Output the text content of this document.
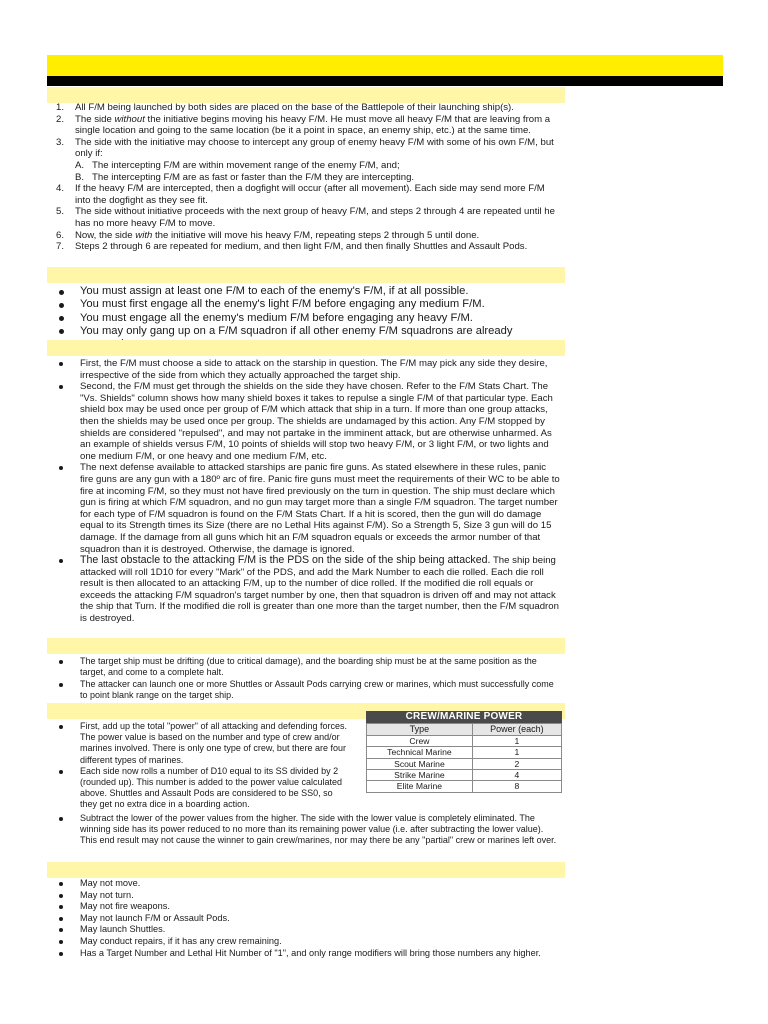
1. All F/M being launched by both sides are placed on the base of the Battlepole of their launching ship(s).
2. The side without the initiative begins moving his heavy F/M. He must move all heavy F/M that are leaving from a single location and going to the same location (be it a point in space, an enemy ship, etc.) at the same time.
3. The side with the initiative may choose to intercept any group of enemy heavy F/M with some of his own F/M, but only if:
A. The intercepting F/M are within movement range of the enemy F/M, and;
B. The intercepting F/M are as fast or faster than the F/M they are intercepting.
4. If the heavy F/M are intercepted, then a dogfight will occur (after all movement). Each side may send more F/M into the dogfight as they see fit.
5. The side without initiative proceeds with the next group of heavy F/M, and steps 2 through 4 are repeated until he has no more heavy F/M to move.
6. Now, the side with the initiative will move his heavy F/M, repeating steps 2 through 5 until done.
7. Steps 2 through 6 are repeated for medium, and then light F/M, and then finally Shuttles and Assault Pods.
You must assign at least one F/M to each of the enemy's F/M, if at all possible.
You must first engage all the enemy's light F/M before engaging any medium F/M.
You must engage all the enemy's medium F/M before engaging any heavy F/M.
You may only gang up on a F/M squadron if all other enemy F/M squadrons are already
First, the F/M must choose a side to attack on the starship in question. The F/M may pick any side they desire, irrespective of the side from which they actually approached the target ship.
Second, the F/M must get through the shields on the side they have chosen. Refer to the F/M Stats Chart. The "Vs. Shields" column shows how many shield boxes it takes to repulse a single F/M of that particular type. Each shield box may be used once per group of F/M which attack that ship in a turn. If more than one group attacks, then the shields may be used once per group. The shields are undamaged by this action. Any F/M stopped by shields are considered "repulsed", and may not partake in the imminent attack, but are otherwise unharmed. As an example of shields versus F/M, 10 points of shields will stop two heavy F/M, or 3 light F/M, or two lights and one medium F/M, or one heavy and one medium F/M, etc.
The next defense available to attacked starships are panic fire guns. As stated elsewhere in these rules, panic fire guns are any gun with a 180º arc of fire. Panic fire guns must meet the requirements of their WC to be able to fire at incoming F/M, so they must not have fired previously on the turn in question. The ship must declare which gun is firing at which F/M squadron, and no gun may target more than a single F/M squadron. The target number for each type of F/M squadron is found on the F/M Stats Chart. If a hit is scored, then the gun will do damage equal to its Strength times its Size (there are no Lethal Hits against F/M). So a Strength 5, Size 3 gun will do 15 damage. If the damage from all guns which hit an F/M squadron equals or exceeds the armor number of that squadron than it is destroyed. Otherwise, the damage is ignored.
The last obstacle to the attacking F/M is the PDS on the side of the ship being attacked. The ship being attacked will roll 1D10 for every "Mark" of the PDS, and add the Mark Number to each die rolled. Each die roll result is then allocated to an attacking F/M, up to the number of dice rolled. If the modified die roll equals or exceeds the attacking F/M squadron's target number by one, then that squadron is driven off and may not attack the ship that Turn. If the modified die roll is greater than one more than the target number, then the F/M squadron is destroyed.
The target ship must be drifting (due to critical damage), and the boarding ship must be at the same position as the target, and come to a complete halt.
The attacker can launch one or more Shuttles or Assault Pods carrying crew or marines, which must successfully come to point blank range on the target ship.
First, add up the total "power" of all attacking and defending forces. The power value is based on the number and type of crew and/or marines involved. There is only one type of crew, but there are four different types of marines.
Each side now rolls a number of D10 equal to its SS divided by 2 (rounded up). This number is added to the power value calculated above. Shuttles and Assault Pods are considered to be SS0, so they get no extra dice in a boarding action.
Subtract the lower of the power values from the higher. The side with the lower value is completely eliminated. The winning side has its power reduced to no more than its remaining power value (i.e. after subtracting the lower value). This end result may not cause the winner to gain crew/marines, nor may there be any "partial" crew or marines left over.
CREW/MARINE POWER
Type	Power (each)
Crew	1
Technical Marine	1
Scout Marine	2
Strike Marine	4
Elite Marine	8
May not move.
May not turn.
May not fire weapons.
May not launch F/M or Assault Pods.
May launch Shuttles.
May conduct repairs, if it has any crew remaining.
Has a Target Number and Lethal Hit Number of "1", and only range modifiers will bring those numbers any higher.
